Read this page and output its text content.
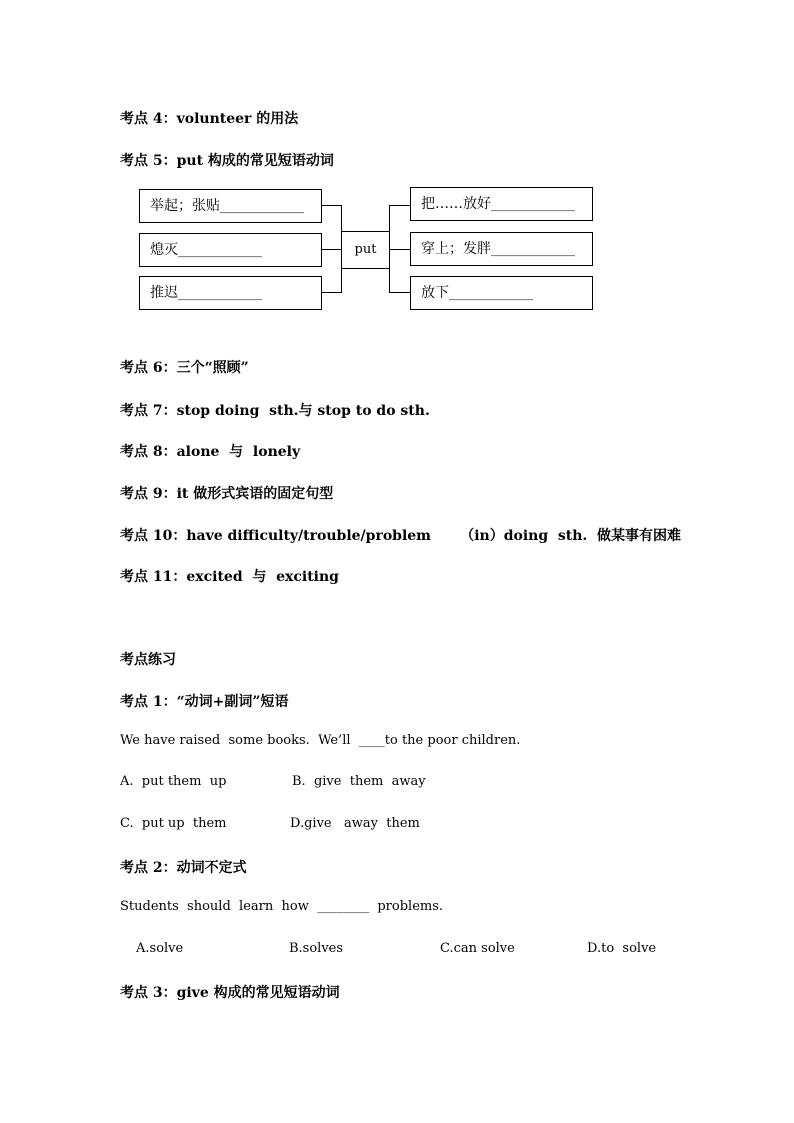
考点 4：volunteer 的用法
考点 5：put 构成的常见短语动词
举起；张贴____________
熄灭____________
推迟____________
put
把……放好____________
穿上；发胖____________
放下____________
考点 6：三个“照顾”
考点 7：stop doing  sth.与 stop to do sth.
考点 8：alone  与  lonely
考点 9：it 做形式宾语的固定句型
考点 10：have difficulty/trouble/problem      （in）doing  sth.  做某事有困难
考点 11：excited  与  exciting
考点练习
考点 1：“动词+副词”短语
We have raised  some books.  We’ll  ____to the poor children.
A.  put them  up	B.  give  them  away
C.  put up  them	D.give   away  them
考点 2：动词不定式
Students  should  learn  how  ________  problems.
A.solve	B.solves	C.can solve	D.to  solve
考点 3：give 构成的常见短语动词
